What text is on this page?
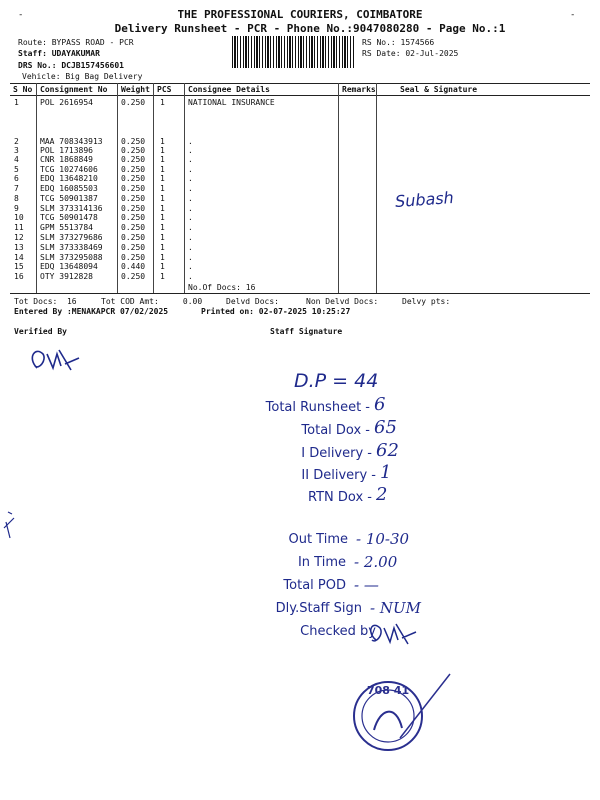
-	-
THE PROFESSIONAL COURIERS, COIMBATORE
Delivery Runsheet - PCR - Phone No.:9047080280 - Page No.:1
Route: BYPASS ROAD - PCR
Staff: UDAYAKUMAR
DRS No.: DCJB157456601
Vehicle: Big Bag Delivery
RS No.: 1574566
RS Date: 02-Jul-2025
S No Consignment No Weight PCS Consignee Details	Remarks	Seal & Signature
1	POL 2616954	0.250 1	NATIONAL INSURANCE
2	MAA 708343913 0.250 1	.
3	POL 1713896	0.250 1	.
4	CNR 1868849	0.250 1	.
5	TCG 10274606	0.250 1	.
6	EDQ 13648210	0.250 1	.
7	EDQ 16085503	0.250 1	.
8	TCG 50901387	0.250 1	.
9	SLM 373314136 0.250 1	.
10 TCG 50901478	0.250 1	.
11 GPM 5513784	0.250 1	.
12 SLM 373279686 0.250 1	.
13 SLM 373338469 0.250 1	.
14 SLM 373295088 0.250 1	.
15 EDQ 13648094	0.440 1	.
16 OTY 3912828	0.250 1	.
No.Of Docs: 16
Tot Docs:  16	Tot COD Amt:     0.00	Delvd Docs:	Non Delvd Docs:	Delvy pts:
Entered By :MENAKAPCR 07/02/2025	Printed on: 02-07-2025 10:25:27
Verified By	Staff Signature
Subash
D.P = 44
Total Runsheet - 6
Total Dox - 65
I Delivery - 62
II Delivery - 1
RTN Dox - 2
Out Time - 10-30
In Time - 2.00
Total POD - —
Dly.Staff Sign - NUM
Checked by
708 41
